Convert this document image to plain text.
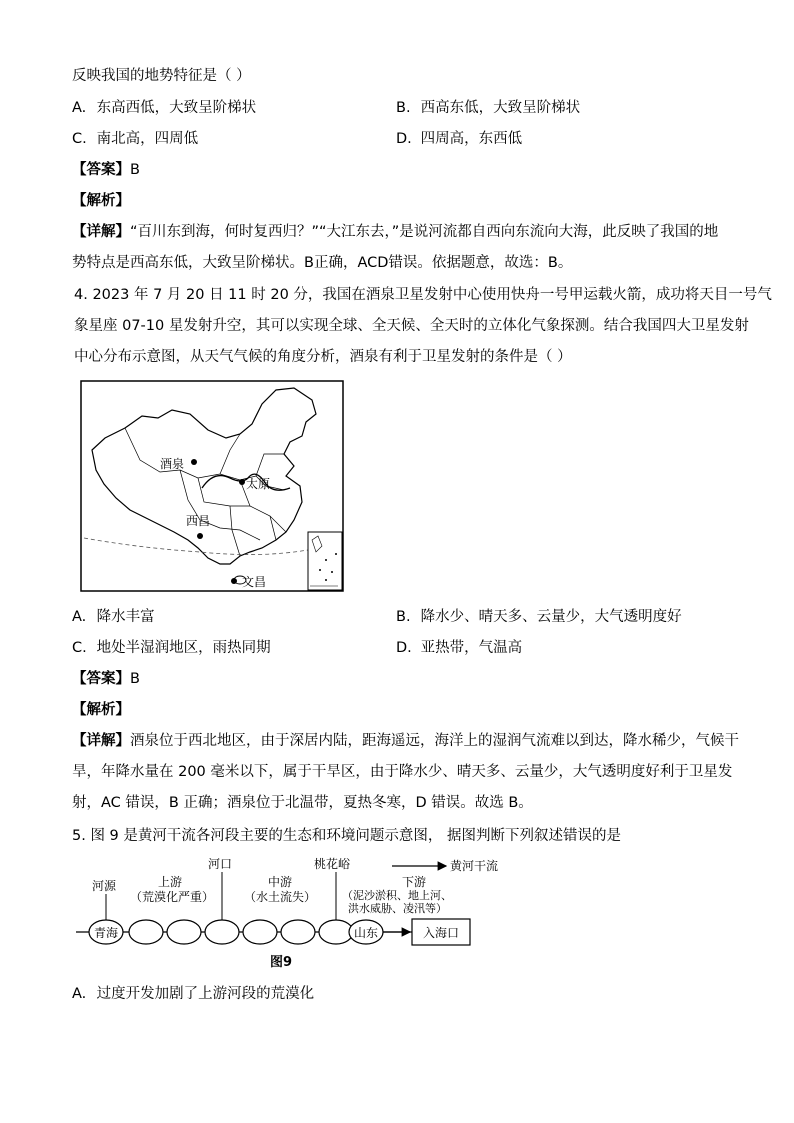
反映我国的地势特征是（ ）
A. 东高西低，大致呈阶梯状	B. 西高东低，大致呈阶梯状
C. 南北高，四周低	D. 四周高，东西低
【答案】B
【解析】
【详解】“百川东到海，何时复西归？”“大江东去，”是说河流都自西向东流向大海，此反映了我国的地
势特点是西高东低，大致呈阶梯状。B正确，ACD错误。依据题意，故选：B。
4. 2023 年 7 月 20 日 11 时 20 分，我国在酒泉卫星发射中心使用快舟一号甲运载火箭，成功将天目一号气
象星座 07-10 星发射升空，其可以实现全球、全天候、全天时的立体化气象探测。结合我国四大卫星发射
中心分布示意图，从天气气候的角度分析，酒泉有利于卫星发射的条件是（ ）
酒泉
太原
西昌
文昌
A. 降水丰富	B. 降水少、晴天多、云量少，大气透明度好
C. 地处半湿润地区，雨热同期	D. 亚热带，气温高
【答案】B
【解析】
【详解】酒泉位于西北地区，由于深居内陆，距海遥远，海洋上的湿润气流难以到达，降水稀少，气候干
旱，年降水量在 200 毫米以下，属于干旱区，由于降水少、晴天多、云量少，大气透明度好利于卫星发
射，AC 错误，B 正确；酒泉位于北温带，夏热冬寒，D 错误。故选 B。
5. 图 9 是黄河干流各河段主要的生态和环境问题示意图， 据图判断下列叙述错误的是
黄河干流
青海	山东	入海口
河源
河口	桃花峪
上游
（荒漠化严重）
中游
（水土流失）
下游
（泥沙淤积、地上河、
洪水威胁、凌汛等）
图9
A. 过度开发加剧了上游河段的荒漠化
